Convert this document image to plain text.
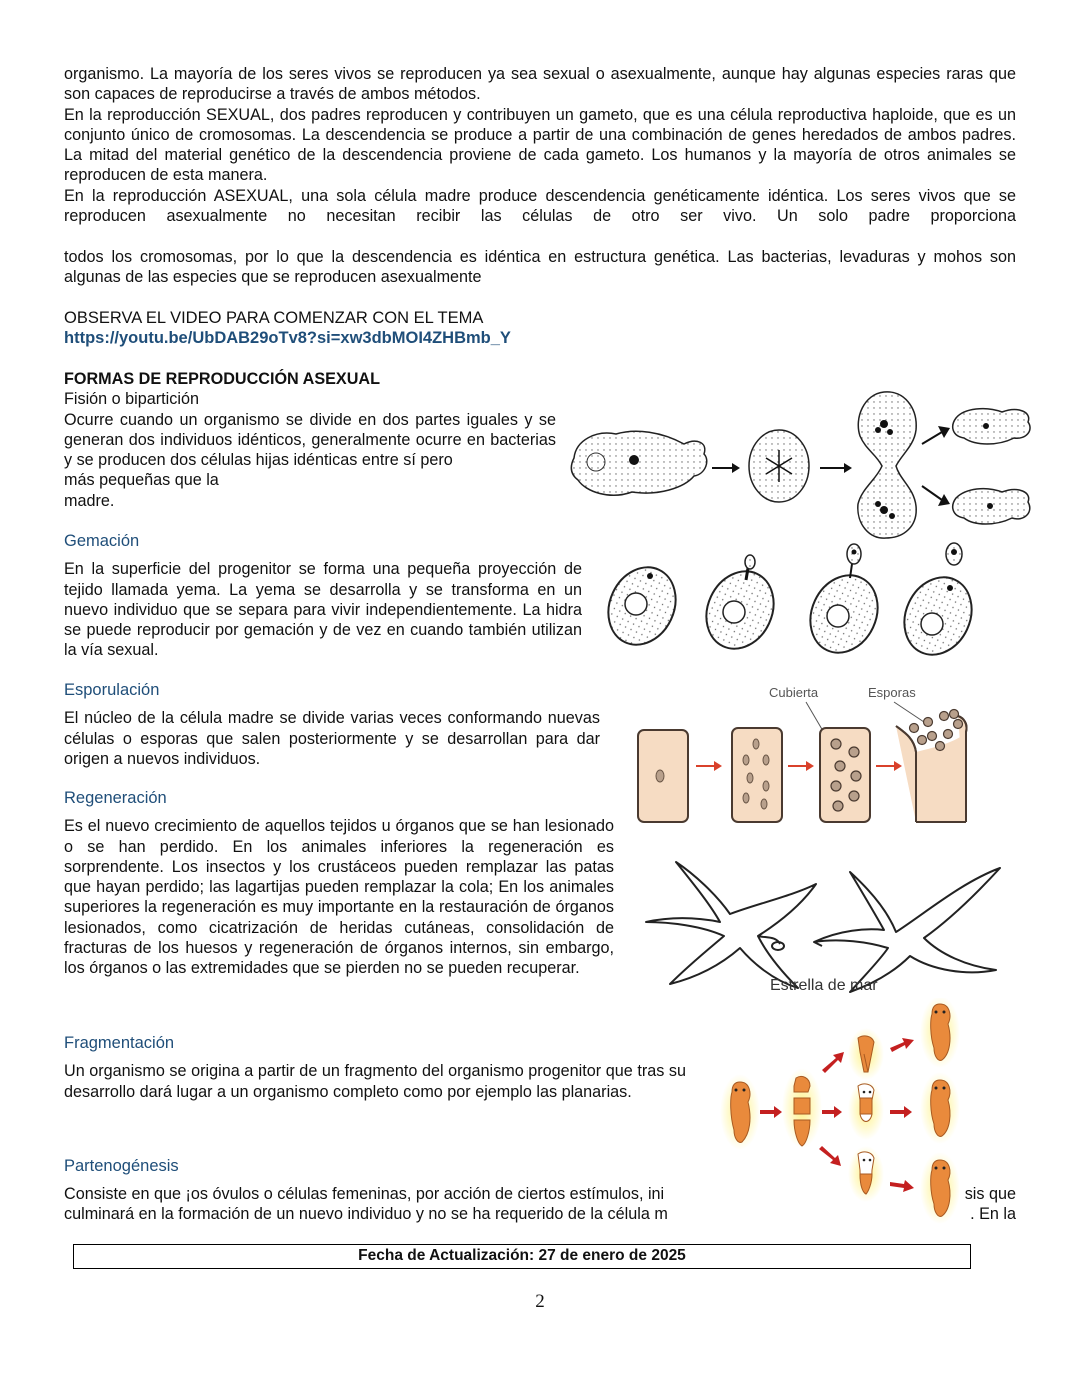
organismo. La mayoría de los seres vivos se reproducen ya sea sexual o asexualmente, aunque hay algunas especies raras que son capaces de reproducirse a través de ambos métodos.

En la reproducción SEXUAL, dos padres reproducen y contribuyen un gameto, que es una célula reproductiva haploide, que es un conjunto único de cromosomas. La descendencia se produce a partir de una combinación de genes heredados de ambos padres. La mitad del material genético de la descendencia proviene de cada gameto. Los humanos y la mayoría de otros animales se reproducen de esta manera.

En la reproducción ASEXUAL, una sola célula madre produce descendencia genéticamente idéntica. Los seres vivos que se reproducen asexualmente no necesitan recibir las células de otro ser vivo. Un solo padre proporciona

todos los cromosomas, por lo que la descendencia es idéntica en estructura genética. Las bacterias, levaduras y mohos son algunas de las especies que se reproducen asexualmente

OBSERVA EL VIDEO PARA COMENZAR CON EL TEMA

https://youtu.be/UbDAB29oTv8?si=xw3dbMOI4ZHBmb_Y

FORMAS DE REPRODUCCIÓN ASEXUAL

Fisión o bipartición

Ocurre cuando un organismo se divide en dos partes iguales y se generan dos individuos idénticos, generalmente ocurre en bacterias y se producen dos células hijas idénticas entre sí pero

más pequeñas que la

madre.

Gemación

En la superficie del progenitor se forma una pequeña proyección de tejido llamada yema. La yema se desarrolla y se transforma en un nuevo individuo que se separa para vivir independientemente. La hidra se puede reproducir por gemación y de vez en cuando también utilizan la vía sexual.

Esporulación

El núcleo de la célula madre se divide varias veces conformando nuevas células o esporas que salen posteriormente y se desarrollan para dar origen a nuevos individuos.

Cubierta	Esporas

Regeneración

Es el nuevo crecimiento de aquellos tejidos u órganos que se han lesionado o se han perdido. En los animales inferiores la regeneración es sorprendente. Los insectos y los crustáceos pueden remplazar las patas que hayan perdido; las lagartijas pueden remplazar la cola; En los animales superiores la regeneración es muy importante en la restauración de órganos lesionados, como cicatrización de heridas cutáneas, consolidación de fracturas de los huesos y regeneración de órganos internos, sin embargo, los órganos o las extremidades que se pierden no se pueden recuperar.

Estrella de mar

Fragmentación

Un organismo se origina a partir de un fragmento del organismo progenitor que tras su desarrollo dará lugar a un organismo completo como por ejemplo las planarias.

Partenogénesis

Consiste en que ¡os óvulos o células femeninas, por acción de ciertos estímulos, ini	sis que
culminará en la formación de un nuevo individuo y no se ha requerido de la célula m	. En la
Fecha de Actualización: 27 de enero de 2025
2
